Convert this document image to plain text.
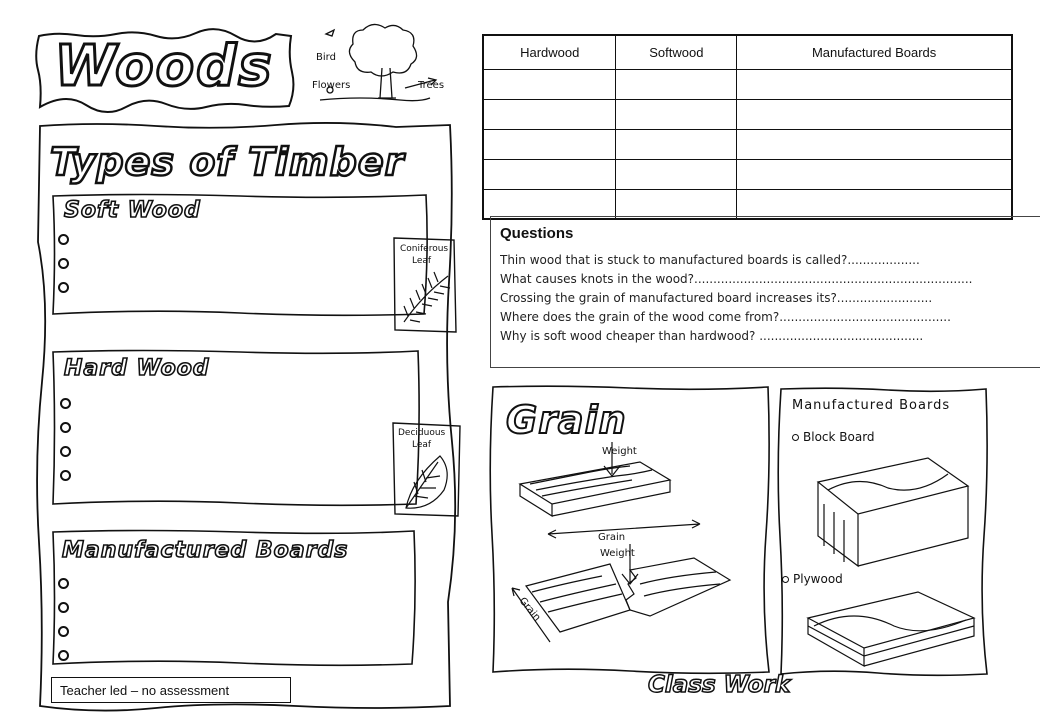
Woods	Bird
Flowers	Trees
Types of Timber
Soft Wood
Coniferous
Leaf
Hard Wood
Deciduous
Leaf
Manufactured Boards
Hardwood	Softwood	Manufactured Boards

Questions

Thin wood that is stuck to manufactured boards is called?...................

What causes knots in the wood?.........................................................................

Crossing the grain of manufactured board increases its?.........................

Where does the grain of the wood come from?.............................................

Why is soft wood cheaper than hardwood? ...........................................

Grain
Weight
Grain
Weight
Grain
Manufactured Boards
Block Board
Plywood
Teacher led – no assessment	Class Work
